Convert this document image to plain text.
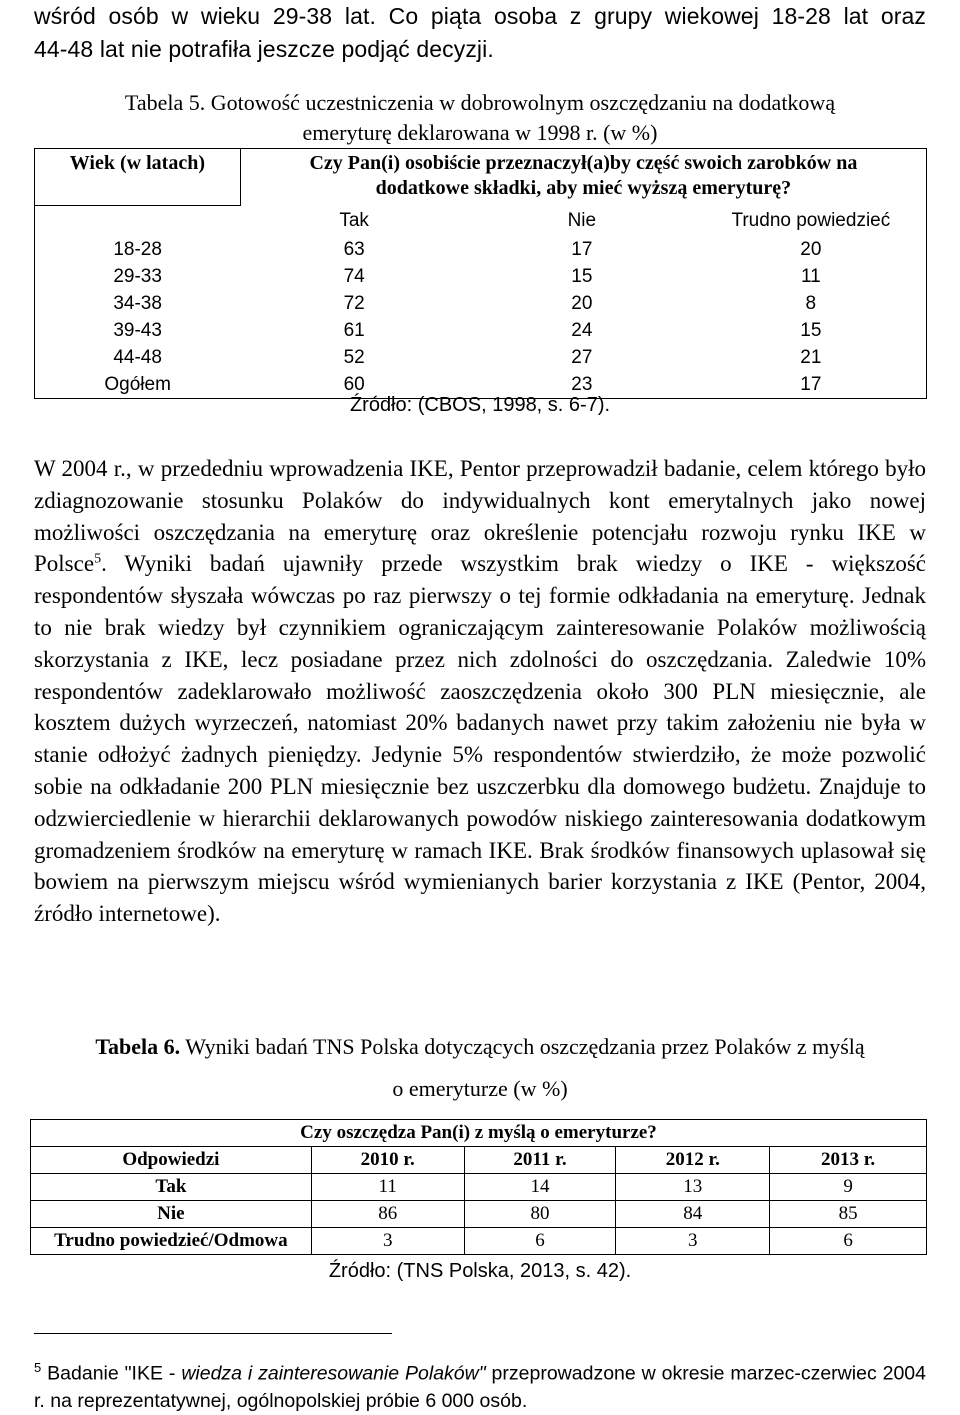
wśród osób w wieku 29-38 lat. Co piąta osoba z grupy wiekowej 18-28 lat oraz
44-48 lat nie potrafiła jeszcze podjąć decyzji.
Tabela 5. Gotowość uczestniczenia w dobrowolnym oszczędzaniu na dodatkową
emeryturę deklarowana w 1998 r. (w %)
Wiek (w latach)	Czy Pan(i) osobiście przeznaczył(a)by część swoich zarobków na
dodatkowe składki, aby mieć wyższą emeryturę?		

	Tak	Nie	Trudno powiedzieć
18-28	63	17	20
29-33	74	15	11
34-38	72	20	8
39-43	61	24	15
44-48	52	27	21
Ogółem	60	23	17
Źródło: (CBOS, 1998, s. 6-7).
W 2004 r., w przededniu wprowadzenia IKE, Pentor przeprowadził badanie, celem którego było zdiagnozowanie stosunku Polaków do indywidualnych kont emerytalnych jako nowej możliwości oszczędzania na emeryturę oraz określenie potencjału rozwoju rynku IKE w Polsce$^5$. Wyniki badań ujawniły przede wszystkim brak wiedzy o IKE - większość respondentów słyszała wówczas po raz pierwszy o tej formie odkładania na emeryturę. Jednak to nie brak wiedzy był czynnikiem ograniczającym zainteresowanie Polaków możliwością skorzystania z IKE, lecz posiadane przez nich zdolności do oszczędzania. Zaledwie 10% respondentów zadeklarowało możliwość zaoszczędzenia około 300 PLN miesięcznie, ale kosztem dużych wyrzeczeń, natomiast 20% badanych nawet przy takim założeniu nie była w stanie odłożyć żadnych pieniędzy. Jedynie 5% respondentów stwierdziło, że może pozwolić sobie na odkładanie 200 PLN miesięcznie bez uszczerbku dla domowego budżetu. Znajduje to odzwierciedlenie w hierarchii deklarowanych powodów niskiego zainteresowania dodatkowym gromadzeniem środków na emeryturę w ramach IKE. Brak środków finansowych uplasował się bowiem na pierwszym miejscu wśród wymienianych barier korzystania z IKE (Pentor, 2004, źródło internetowe).
Tabela 6. Wyniki badań TNS Polska dotyczących oszczędzania przez Polaków z myślą
o emeryturze (w %)
Czy oszczędza Pan(i) z myślą o emeryturze?				
Odpowiedzi	2010 r.	2011 r.	2012 r.	2013 r.
Tak	11	14	13	9
Nie	86	80	84	85
Trudno powiedzieć/Odmowa	3	6	3	6
Źródło: (TNS Polska, 2013, s. 42).
$^5$ Badanie "IKE - wiedza i zainteresowanie Polaków" przeprowadzone w okresie marzec-czerwiec 2004 r. na reprezentatywnej, ogólnopolskiej próbie 6 000 osób.
